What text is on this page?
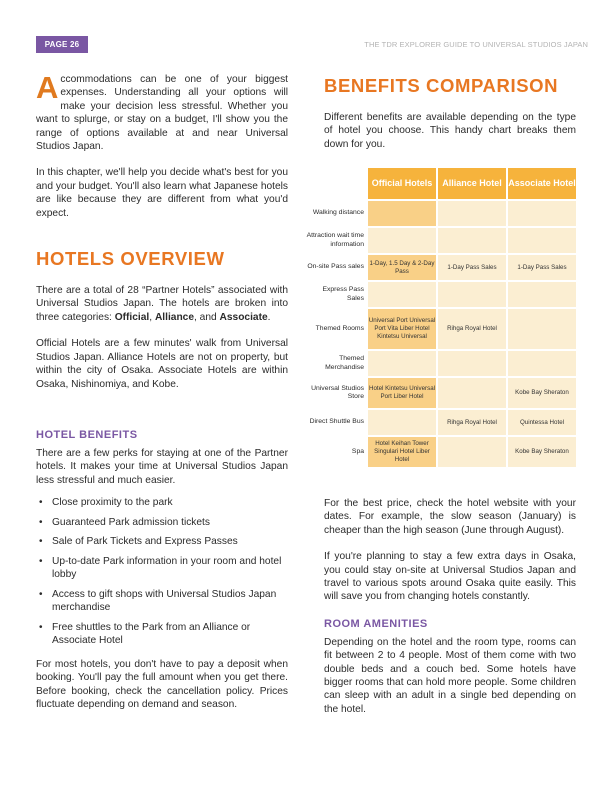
PAGE 26	THE TDR EXPLORER GUIDE TO UNIVERSAL STUDIOS JAPAN

Accommodations can be one of your biggest expenses. Understanding all your options will make your decision less stressful. Whether you want to splurge, or stay on a budget, I'll show you the range of options available at and near Universal Studios Japan.

In this chapter, we'll help you decide what's best for you and your budget. You'll also learn what Japanese hotels are like because they are different from what you'd expect.

HOTELS OVERVIEW

There are a total of 28 “Partner Hotels” associated with Universal Studios Japan. The hotels are broken into three categories: Official, Alliance, and Associate.

Official Hotels are a few minutes' walk from Universal Studios Japan. Alliance Hotels are not on property, but within the city of Osaka. Associate Hotels are within Osaka, Nishinomiya, and Kobe.

HOTEL BENEFITS

There are a few perks for staying at one of the Partner hotels. It makes your time at Universal Studios Japan less stressful and much easier.

• Close proximity to the park
• Guaranteed Park admission tickets
• Sale of Park Tickets and Express Passes
• Up-to-date Park information in your room and hotel lobby
• Access to gift shops with Universal Studios Japan merchandise
• Free shuttles to the Park from an Alliance or Associate Hotel

For most hotels, you don't have to pay a deposit when booking. You'll pay the full amount when you get there. Before booking, check the cancellation policy. Prices fluctuate depending on demand and season.

BENEFITS COMPARISON

Different benefits are available depending on the type of hotel you choose. This handy chart breaks them down for you.

	Official Hotels	Alliance Hotel	Associate Hotel
Walking distance			
Attraction wait time information			
On-site Pass sales	1-Day, 1.5 Day & 2-Day Pass	1-Day Pass Sales	1-Day Pass Sales
Express Pass Sales			
Themed Rooms	Universal Port Universal Port Vita Liber Hotel Kintetsu Universal	Rihga Royal Hotel	
Themed Merchandise			
Universal Studios Store	Hotel Kintetsu Universal Port Liber Hotel		Kobe Bay Sheraton
Direct Shuttle Bus		Rihga Royal Hotel	Quintessa Hotel
Spa	Hotel Keihan Tower Singulari Hotel Liber Hotel		Kobe Bay Sheraton

For the best price, check the hotel website with your dates. For example, the slow season (January) is cheaper than the high season (June through August).

If you're planning to stay a few extra days in Osaka, you could stay on-site at Universal Studios Japan and travel to various spots around Osaka quite easily. This will save you from changing hotels constantly.

ROOM AMENITIES

Depending on the hotel and the room type, rooms can fit between 2 to 4 people. Most of them come with two double beds and a couch bed. Some hotels have bigger rooms that can hold more people. Some children can sleep with an adult in a single bed depending on the hotel.
